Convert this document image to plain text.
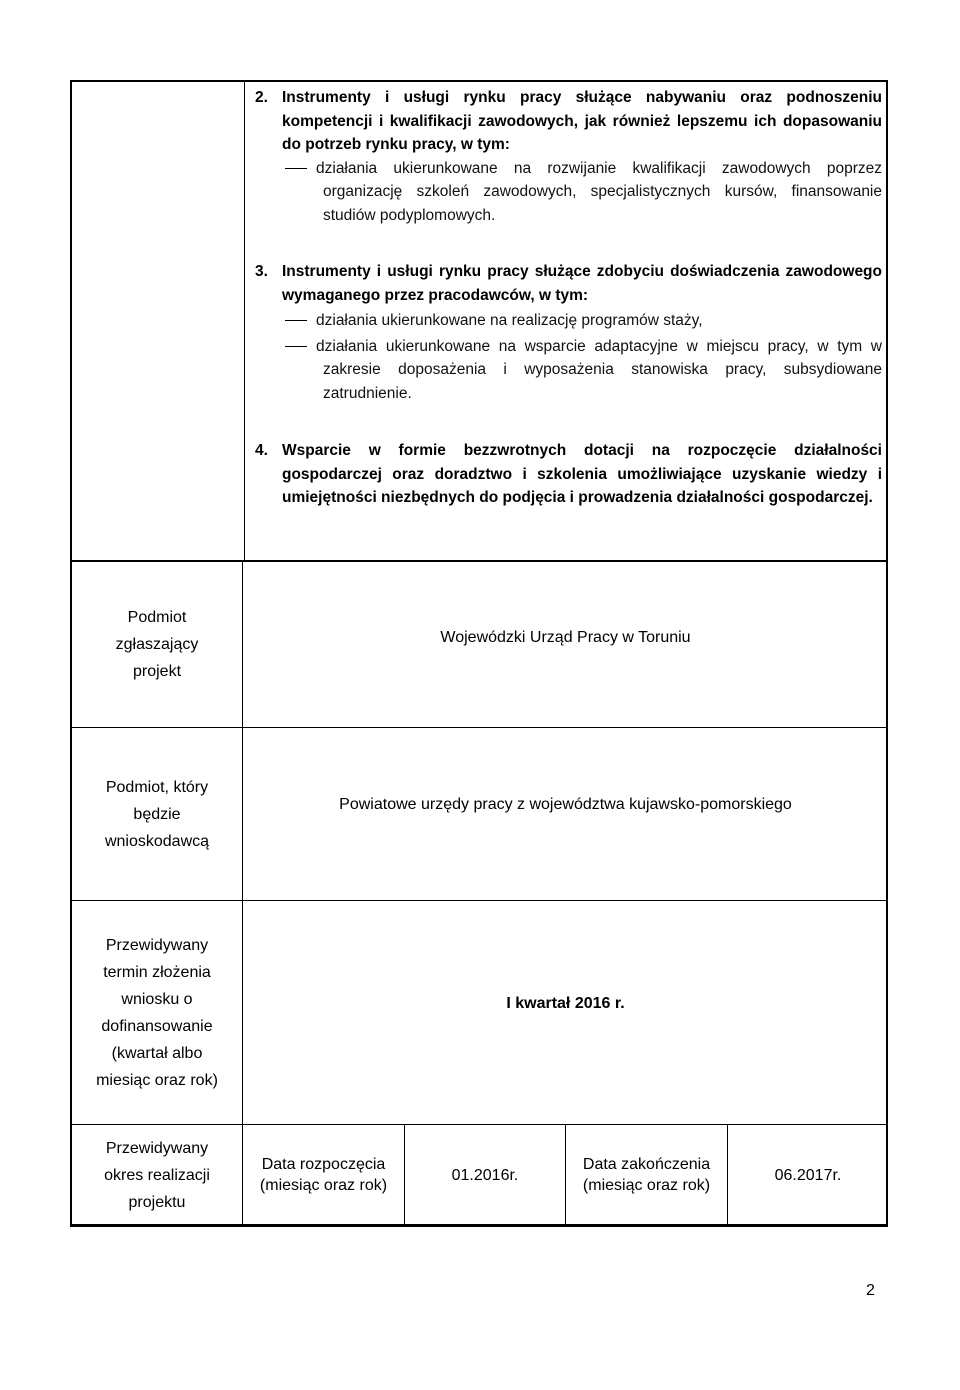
2. Instrumenty i usługi rynku pracy służące nabywaniu oraz podnoszeniu kompetencji i kwalifikacji zawodowych, jak również lepszemu ich dopasowaniu do potrzeb rynku pracy, w tym:
działania ukierunkowane na rozwijanie kwalifikacji zawodowych poprzez organizację szkoleń zawodowych, specjalistycznych kursów, finansowanie studiów podyplomowych.
3. Instrumenty i usługi rynku pracy służące zdobyciu doświadczenia zawodowego wymaganego przez pracodawców, w tym:
działania ukierunkowane na realizację programów staży,
działania ukierunkowane na wsparcie adaptacyjne w miejscu pracy, w tym w zakresie doposażenia i wyposażenia stanowiska pracy, subsydiowane zatrudnienie.
4. Wsparcie w formie bezzwrotnych dotacji na rozpoczęcie działalności gospodarczej oraz doradztwo i szkolenia umożliwiające uzyskanie wiedzy i umiejętności niezbędnych do podjęcia i prowadzenia działalności gospodarczej.
Podmiot zgłaszający projekt
Wojewódzki Urząd Pracy w Toruniu
Podmiot, który będzie wnioskodawcą
Powiatowe urzędy pracy z województwa kujawsko-pomorskiego
Przewidywany termin złożenia wniosku o dofinansowanie (kwartał albo miesiąc oraz rok)
I kwartał 2016 r.
Przewidywany okres realizacji projektu
Data rozpoczęcia (miesiąc oraz rok)
01.2016r.
Data zakończenia (miesiąc oraz rok)
06.2017r.
2
